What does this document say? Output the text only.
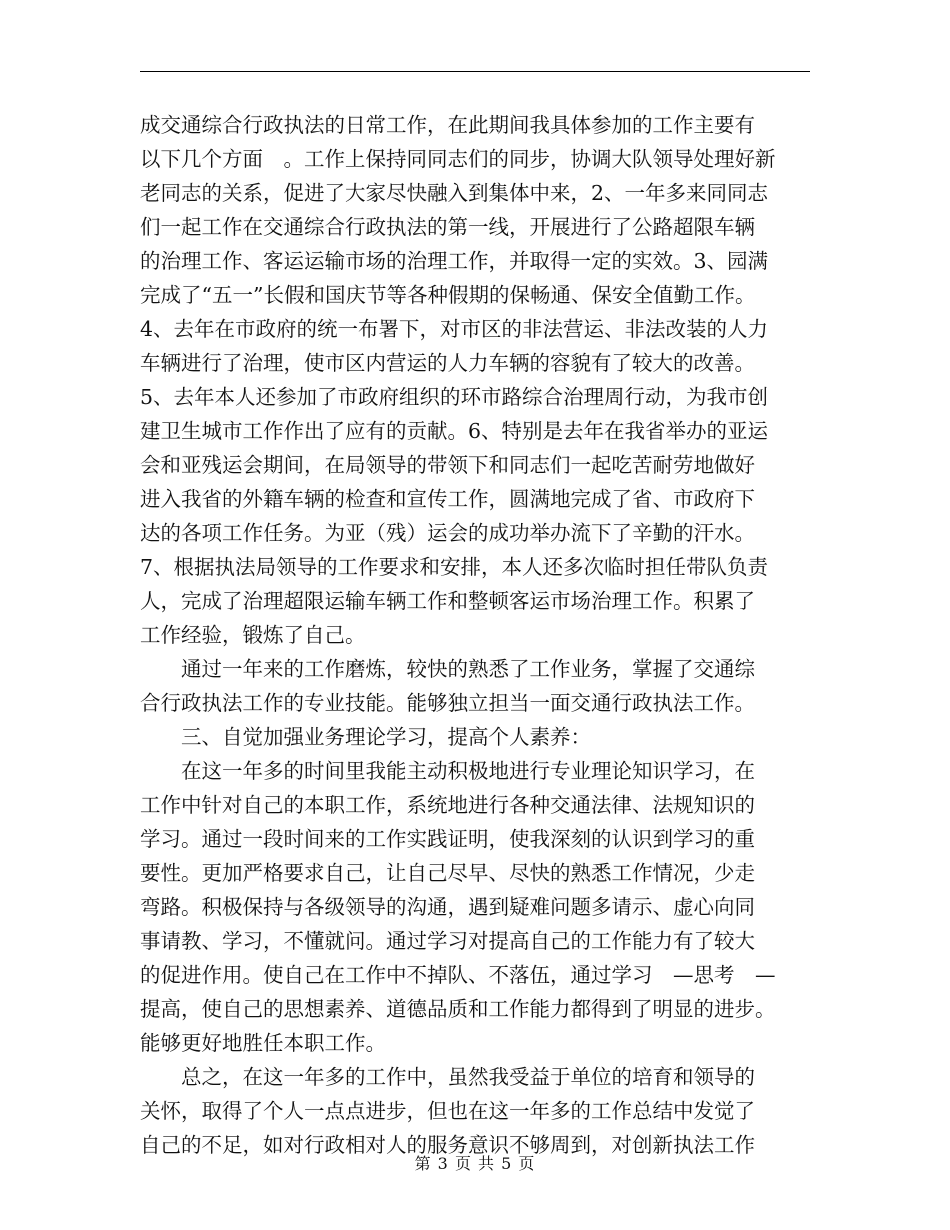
成交通综合行政执法的日常工作，在此期间我具体参加的工作主要有
以下几个方面　。工作上保持同同志们的同步，协调大队领导处理好新
老同志的关系，促进了大家尽快融入到集体中来，2、一年多来同同志
们一起工作在交通综合行政执法的第一线，开展进行了公路超限车辆
的治理工作、客运运输市场的治理工作，并取得一定的实效。3、园满
完成了“五一”长假和国庆节等各种假期的保畅通、保安全值勤工作。
4、去年在市政府的统一布署下，对市区的非法营运、非法改装的人力
车辆进行了治理，使市区内营运的人力车辆的容貌有了较大的改善。
5、去年本人还参加了市政府组织的环市路综合治理周行动，为我市创
建卫生城市工作作出了应有的贡献。6、特别是去年在我省举办的亚运
会和亚残运会期间，在局领导的带领下和同志们一起吃苦耐劳地做好
进入我省的外籍车辆的检查和宣传工作，圆满地完成了省、市政府下
达的各项工作任务。为亚（残）运会的成功举办流下了辛勤的汗水。
7、根据执法局领导的工作要求和安排，本人还多次临时担任带队负责
人，完成了治理超限运输车辆工作和整顿客运市场治理工作。积累了
工作经验，锻炼了自己。
　　通过一年来的工作磨炼，较快的熟悉了工作业务，掌握了交通综
合行政执法工作的专业技能。能够独立担当一面交通行政执法工作。
　　三、自觉加强业务理论学习，提高个人素养：
　　在这一年多的时间里我能主动积极地进行专业理论知识学习，在
工作中针对自己的本职工作，系统地进行各种交通法律、法规知识的
学习。通过一段时间来的工作实践证明，使我深刻的认识到学习的重
要性。更加严格要求自己，让自己尽早、尽快的熟悉工作情况，少走
弯路。积极保持与各级领导的沟通，遇到疑难问题多请示、虚心向同
事请教、学习，不懂就问。通过学习对提高自己的工作能力有了较大
的促进作用。使自己在工作中不掉队、不落伍，通过学习　—思考　—
提高，使自己的思想素养、道德品质和工作能力都得到了明显的进步。
能够更好地胜任本职工作。
　　总之，在这一年多的工作中，虽然我受益于单位的培育和领导的
关怀，取得了个人一点点进步，但也在这一年多的工作总结中发觉了
自己的不足，如对行政相对人的服务意识不够周到，对创新执法工作
第 3 页 共 5 页
